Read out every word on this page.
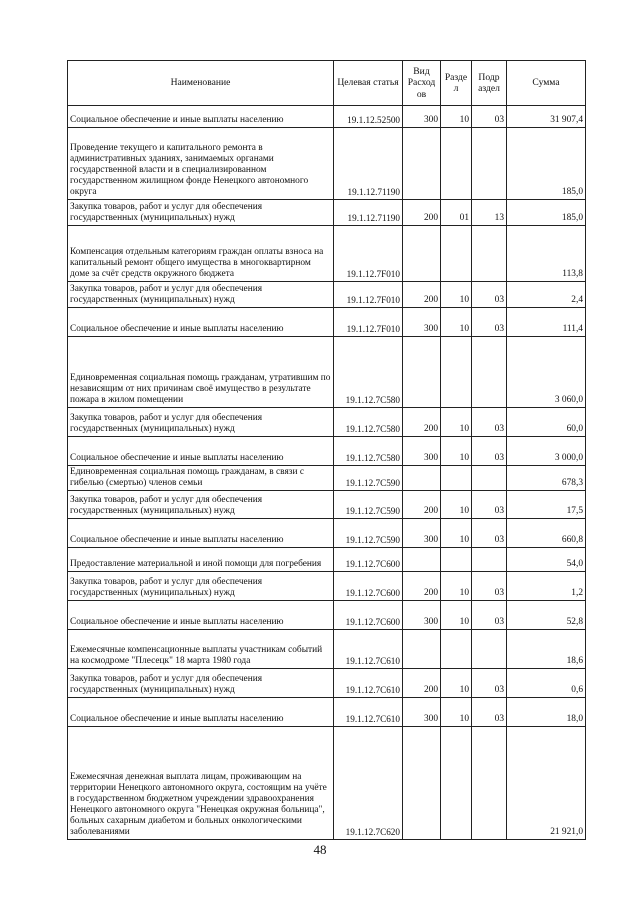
Наименование	Целевая статья	Вид Расход ов	Разде л	Подр аздел	Сумма
Социальное обеспечение и иные выплаты населению	19.1.12.52500	300	10	03	31 907,4
Проведение текущего и капитального ремонта в административных зданиях, занимаемых органами государственной власти и в специализированном государственном жилищном фонде Ненецкого автономного округа	19.1.12.71190				185,0
Закупка товаров, работ и услуг для обеспечения государственных (муниципальных) нужд	19.1.12.71190	200	01	13	185,0
Компенсация отдельным категориям граждан оплаты взноса на капитальный ремонт общего имущества в многоквартирном доме за счёт средств окружного бюджета	19.1.12.7F010				113,8
Закупка товаров, работ и услуг для обеспечения государственных (муниципальных) нужд	19.1.12.7F010	200	10	03	2,4
Социальное обеспечение и иные выплаты населению	19.1.12.7F010	300	10	03	111,4
Единовременная социальная помощь гражданам, утратившим по независящим от них причинам своё имущество в результате пожара в жилом помещении	19.1.12.7C580				3 060,0
Закупка товаров, работ и услуг для обеспечения государственных (муниципальных) нужд	19.1.12.7C580	200	10	03	60,0
Социальное обеспечение и иные выплаты населению	19.1.12.7C580	300	10	03	3 000,0
Единовременная социальная помощь гражданам, в связи с гибелью (смертью) членов семьи	19.1.12.7C590				678,3
Закупка товаров, работ и услуг для обеспечения государственных (муниципальных) нужд	19.1.12.7C590	200	10	03	17,5
Социальное обеспечение и иные выплаты населению	19.1.12.7C590	300	10	03	660,8
Предоставление материальной и иной помощи для погребения	19.1.12.7C600				54,0
Закупка товаров, работ и услуг для обеспечения государственных (муниципальных) нужд	19.1.12.7C600	200	10	03	1,2
Социальное обеспечение и иные выплаты населению	19.1.12.7C600	300	10	03	52,8
Ежемесячные компенсационные выплаты участникам событий на космодроме "Плесецк" 18 марта 1980 года	19.1.12.7C610				18,6
Закупка товаров, работ и услуг для обеспечения государственных (муниципальных) нужд	19.1.12.7C610	200	10	03	0,6
Социальное обеспечение и иные выплаты населению	19.1.12.7C610	300	10	03	18,0
Ежемесячная денежная выплата лицам, проживающим на территории Ненецкого автономного округа, состоящим на учёте в государственном бюджетном учреждении здравоохранения Ненецкого автономного округа "Ненецкая окружная больница", больных сахарным диабетом и больных онкологическими заболеваниями	19.1.12.7C620				21 921,0
48
